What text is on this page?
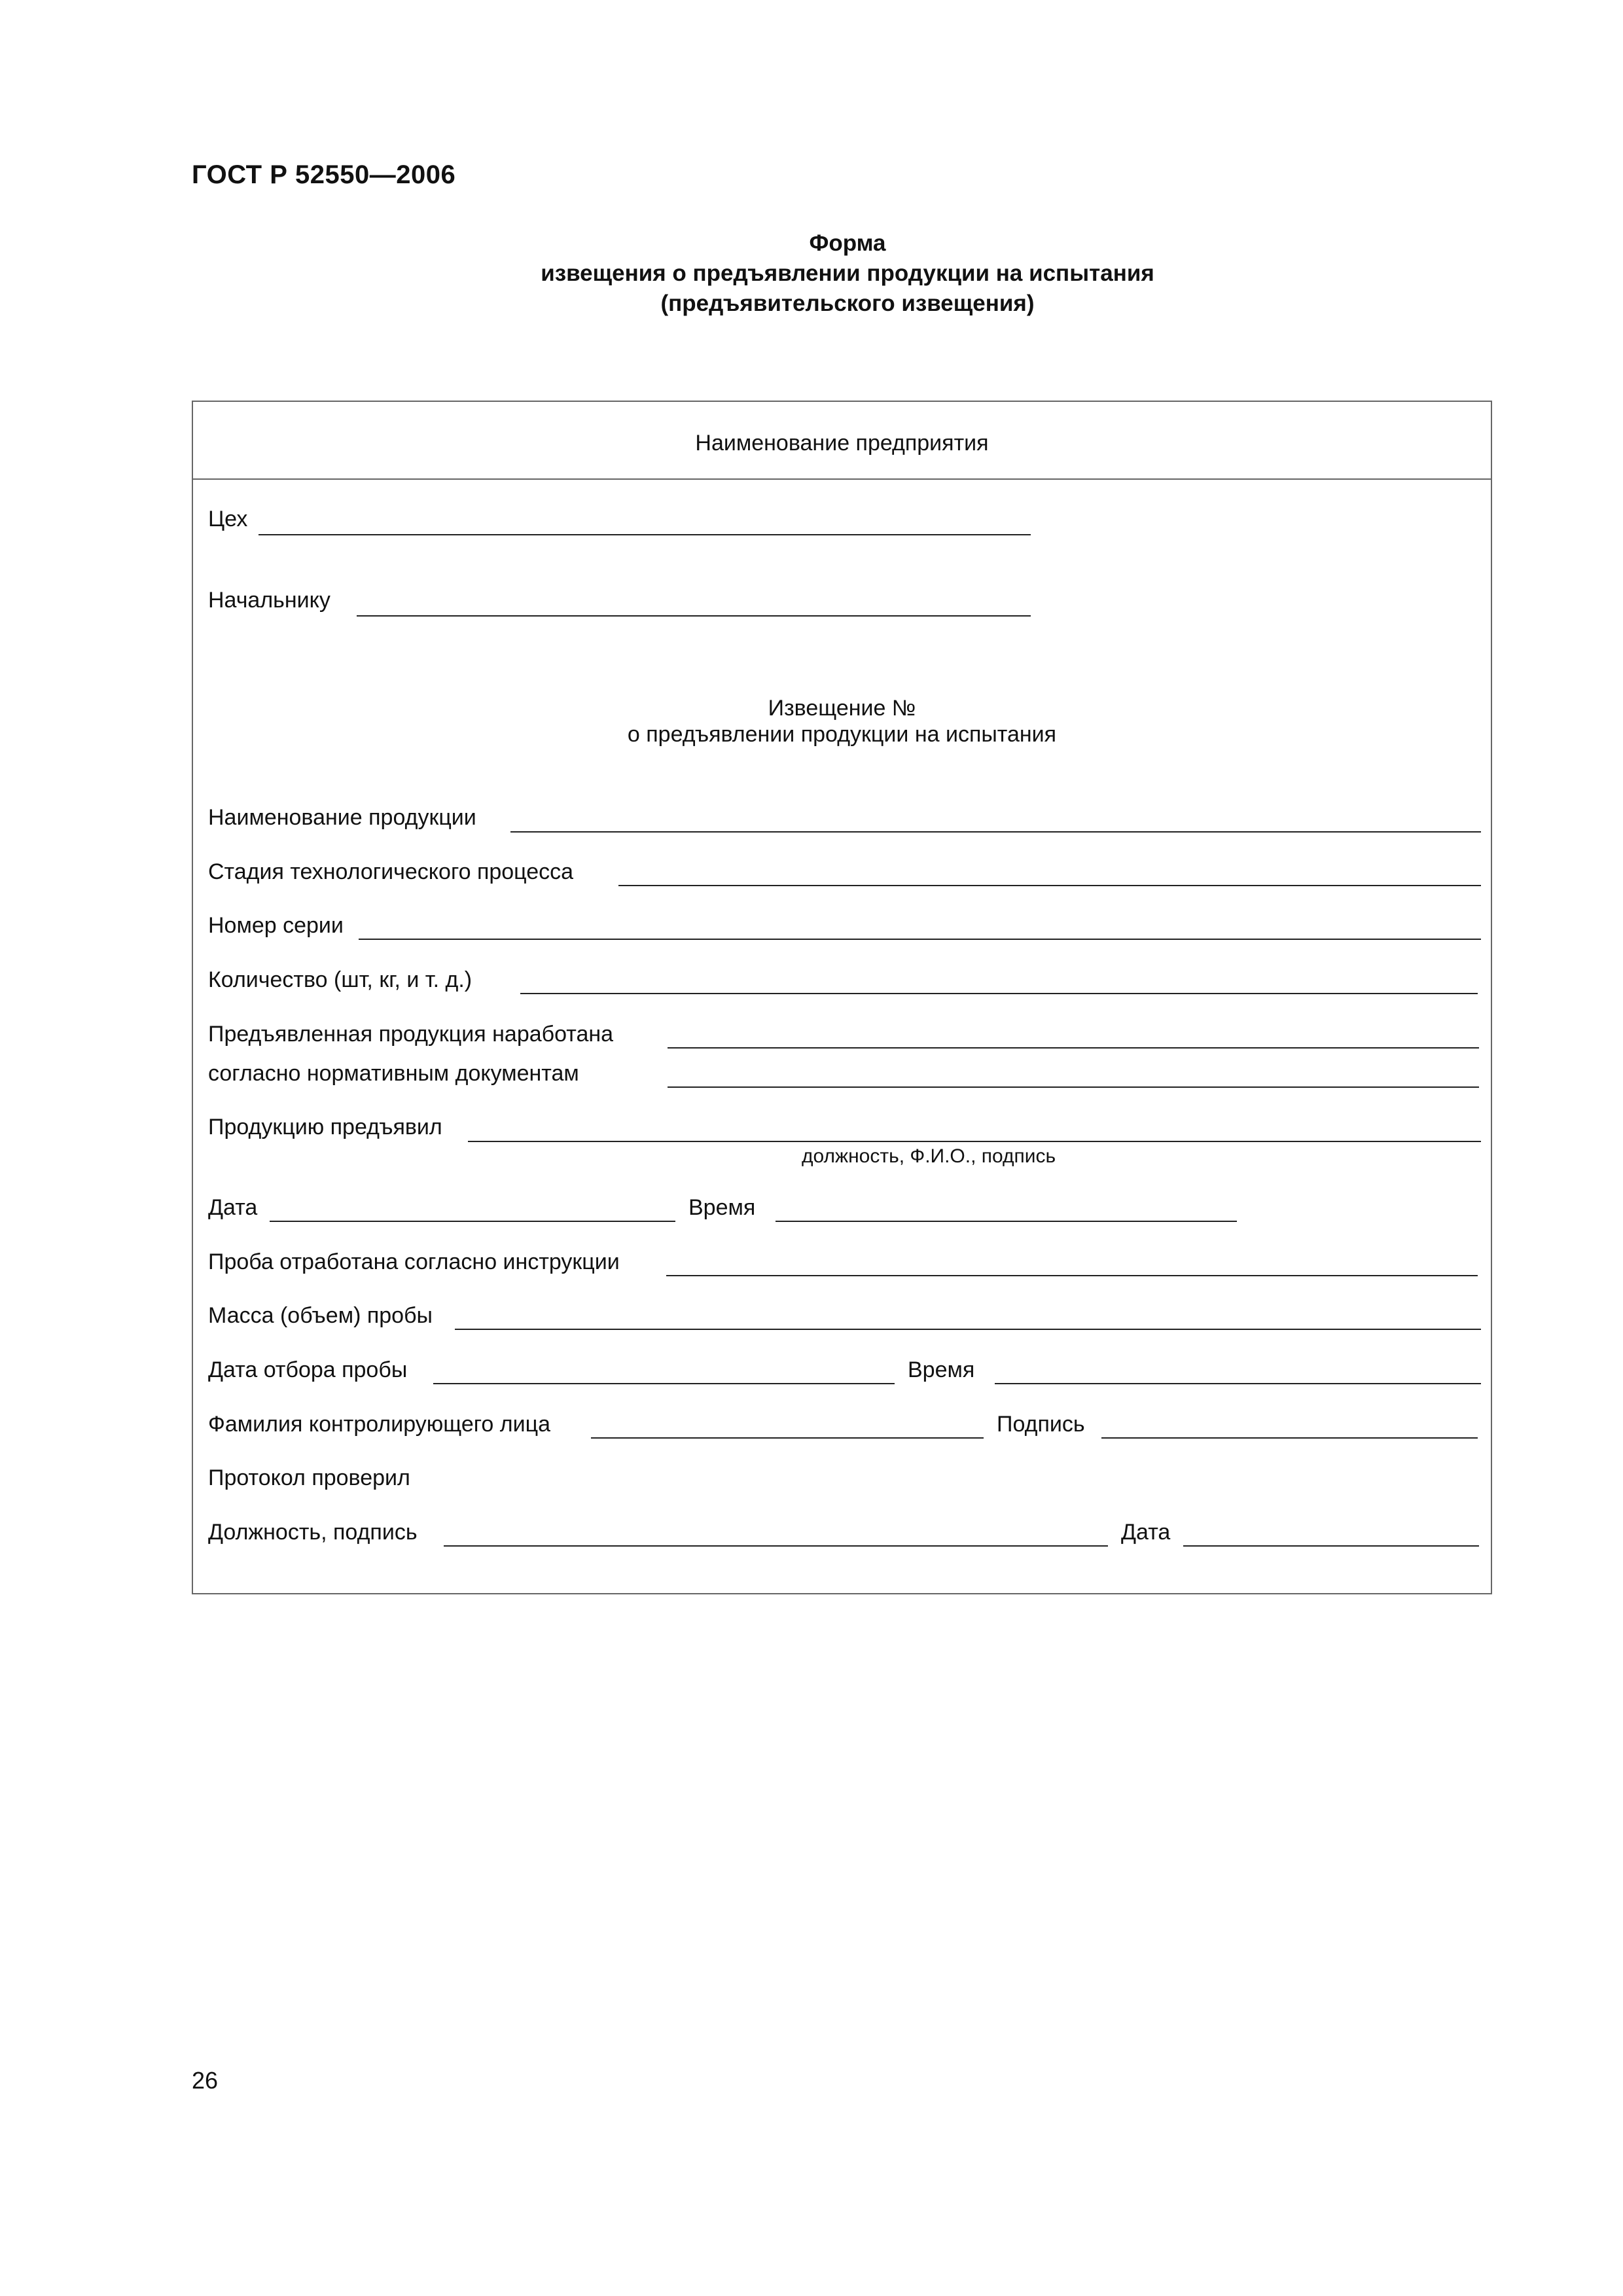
ГОСТ Р 52550—2006
Форма
извещения о предъявлении продукции на испытания
(предъявительского извещения)
Наименование предприятия
Цех
Начальнику
Извещение №
о предъявлении продукции на испытания
Наименование продукции
Стадия технологического процесса
Номер серии
Количество (шт, кг, и т. д.)
Предъявленная продукция наработана
согласно нормативным документам
Продукцию предъявил
должность, Ф.И.О., подпись
Дата	Время
Проба отработана согласно инструкции
Масса (объем) пробы
Дата отбора пробы	Время
Фамилия контролирующего лица	Подпись
Протокол проверил
Должность, подпись	Дата
26
